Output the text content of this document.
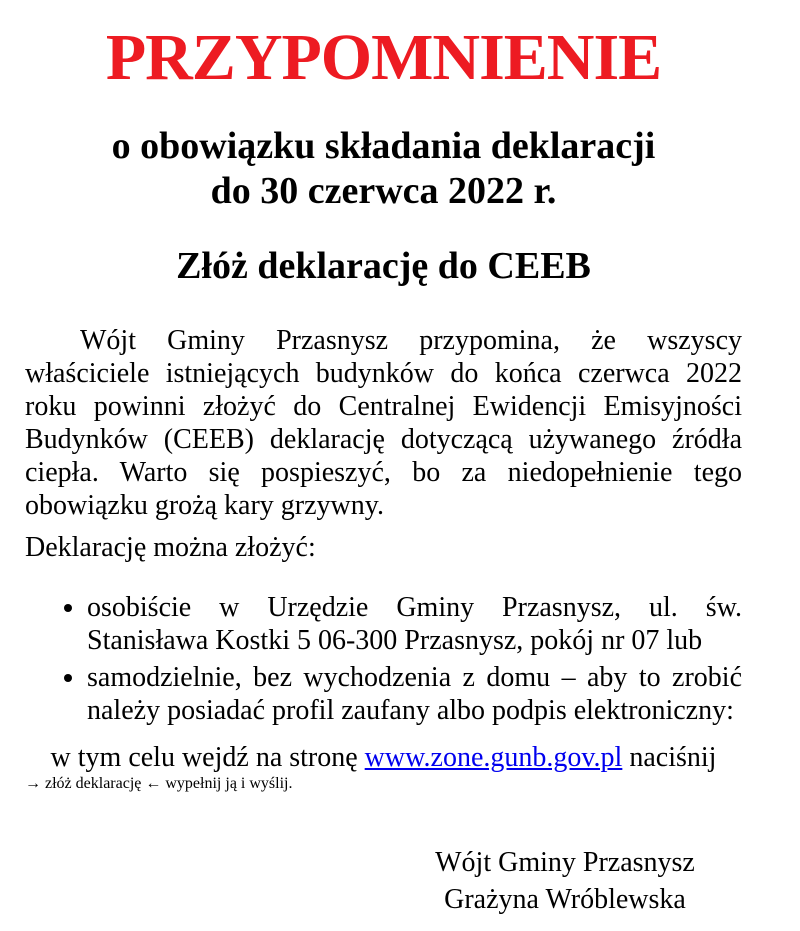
PRZYPOMNIENIE
o obowiązku składania deklaracji
do 30 czerwca 2022 r.
Złóż deklarację do CEEB

Wójt Gminy Przasnysz przypomina, że wszyscy właściciele istniejących budynków do końca czerwca 2022 roku powinni złożyć do Centralnej Ewidencji Emisyjności Budynków (CEEB) deklarację dotyczącą używanego źródła ciepła. Warto się pospieszyć, bo za niedopełnienie tego obowiązku grożą kary grzywny.

Deklarację można złożyć:

• osobiście w Urzędzie Gminy Przasnysz, ul. św. Stanisława Kostki 5 06-300 Przasnysz, pokój nr 07 lub
• samodzielnie, bez wychodzenia z domu – aby to zrobić należy posiadać profil zaufany albo podpis elektroniczny:

w tym celu wejdź na stronę www.zone.gunb.gov.pl naciśnij

→ złóż deklarację ← wypełnij ją i wyślij.

Wójt Gminy Przasnysz

Grażyna Wróblewska
